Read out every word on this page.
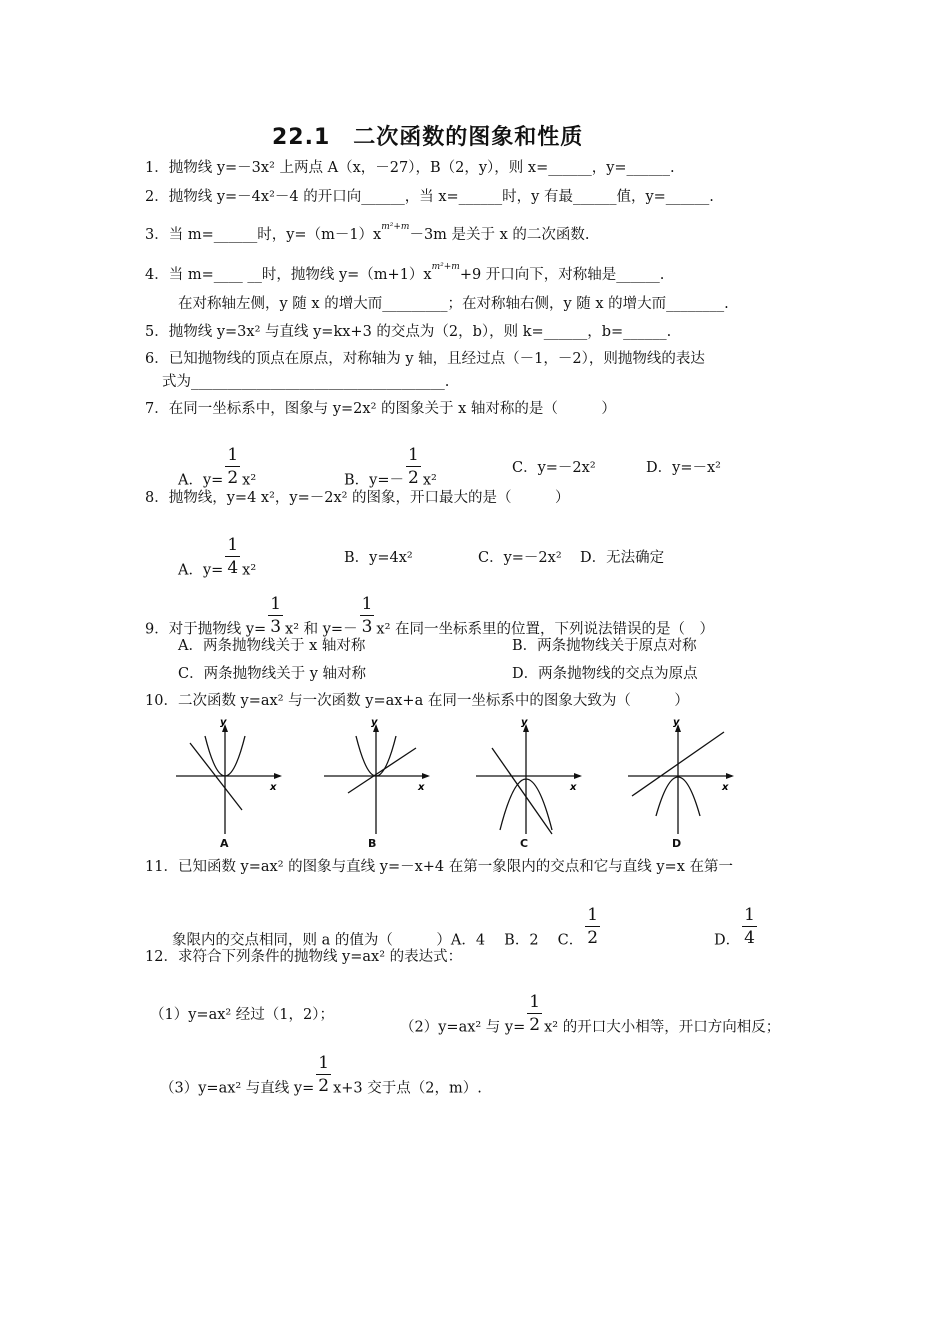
22.1　二次函数的图象和性质
1．抛物线 y=－3x² 上两点 A（x，－27），B（2，y），则 x=______，y=______.
2．抛物线 y=－4x²－4 的开口向______，当 x=______时，y 有最______值，y=______.
3．当 m=______时，$y=(m-1)x^{m^2+m}-3m$ 是关于 x 的二次函数.
4．当 m=____ __时，抛物线 $y=(m+1)x^{m^2+m}+9$ 开口向下，对称轴是______.
在对称轴左侧，y 随 x 的增大而_________；在对称轴右侧，y 随 x 的增大而________.
5．抛物线 y=3x² 与直线 y=kx+3 的交点为（2，b），则 k=______，b=______.
6．已知抛物线的顶点在原点，对称轴为 y 轴，且经过点（－1，－2），则抛物线的表达
式为___________________________________.
7．在同一坐标系中，图象与 y=2x² 的图象关于 x 轴对称的是（　　　）
A．$y= \frac{1}{2} x^2$	B．$y=- \frac{1}{2} x^2$
C．y=－2x²	D．y=－x²
8．抛物线，y=4 x²，y=－2x² 的图象，开口最大的是（　　　）
A．$y= \frac{1}{4} x^2$
B．y=4x²	C．y=－2x² D．无法确定
9．对于抛物线 $y= \frac{1}{3} x^2$ 和 $y=- \frac{1}{3} x^2$ 在同一坐标系里的位置，下列说法错误的是（　）
A．两条抛物线关于 x 轴对称	B．两条抛物线关于原点对称
C．两条抛物线关于 y 轴对称	D．两条抛物线的交点为原点
10．二次函数 y=ax² 与一次函数 y=ax+a 在同一坐标系中的图象大致为（　　　）
y
x
A
y
x
B
y
x
C
y
x
D
11．已知函数 y=ax² 的图象与直线 y=－x+4 在第一象限内的交点和它与直线 y=x 在第一
象限内的交点相同，则 a 的值为（　　　）A．4　 B．2　 C． $\frac{1}{2}$	D． $\frac{1}{4}$
12．求符合下列条件的抛物线 y=ax² 的表达式：
（1）y=ax² 经过（1，2）；
（2）y=ax² 与 $y= \frac{1}{2} x^2$ 的开口大小相等，开口方向相反；
（3）y=ax² 与直线 $y= \frac{1}{2} x+3$ 交于点（2，m）.
